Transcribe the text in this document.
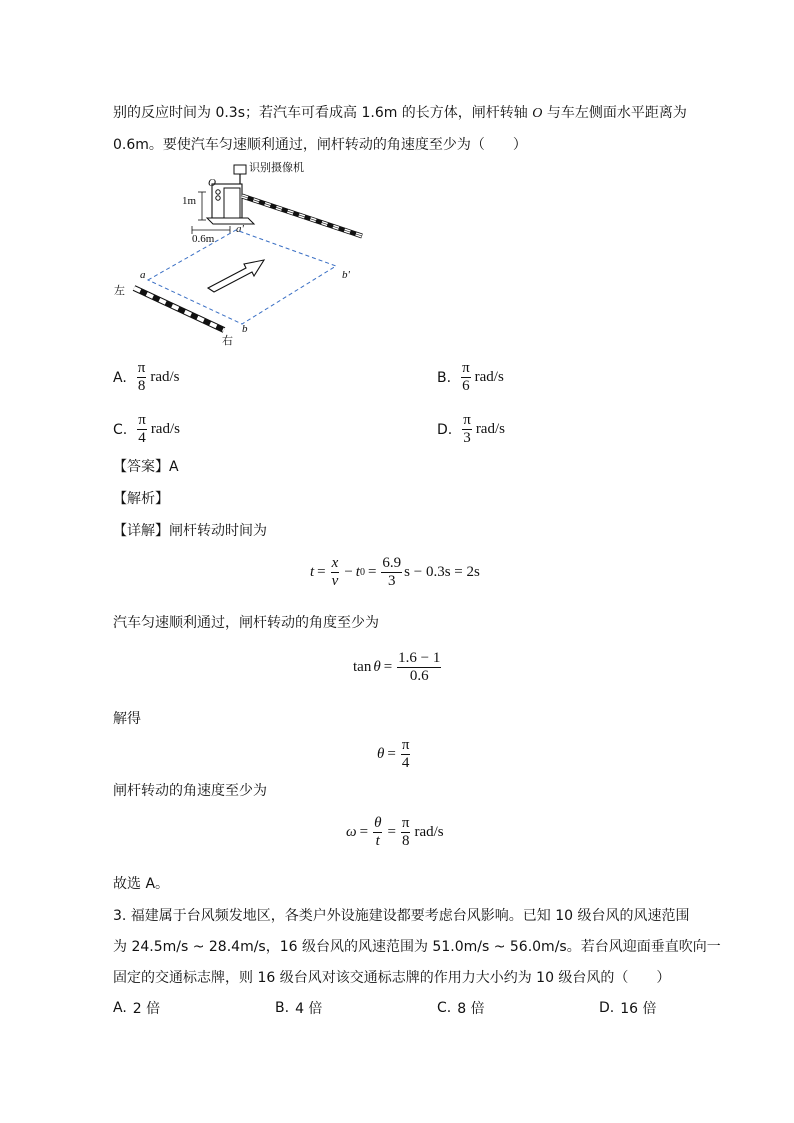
别的反应时间为 0.3s；若汽车可看成高 1.6m 的长方体，闸杆转轴 O 与车左侧面水平距离为
0.6m。要使汽车匀速顺利通过，闸杆转动的角速度至少为（　　）
识别摄像机
O
1m
0.6m
a'
a	b'
b
左
右
A. $\frac{\pi}{8} rad/s$	B. $\frac{\pi}{6} rad/s$
C. $\frac{\pi}{4} rad/s$	D. $\frac{\pi}{3} rad/s$
【答案】A
【解析】
【详解】闸杆转动时间为
$t = \frac{x}{v} - t$ $0 = \frac{6.9}{3}$ s − 0.3s = 2s
汽车匀速顺利通过，闸杆转动的角度至少为
$\tan \theta = \frac{1.6 - 1}{0.6}$
解得
$\theta = \frac{\pi}{4}$
闸杆转动的角速度至少为
$\omega = \frac{\theta}{t} = \frac{\pi}{8} rad/s$
故选 A。
3. 福建属于台风频发地区，各类户外设施建设都要考虑台风影响。已知 10 级台风的风速范围
为 24.5m/s ~ 28.4m/s，16 级台风的风速范围为 51.0m/s ~ 56.0m/s。若台风迎面垂直吹向一
固定的交通标志牌，则 16 级台风对该交通标志牌的作用力大小约为 10 级台风的（　　）
A. 2 倍	B. 4 倍	C. 8 倍	D. 16 倍
